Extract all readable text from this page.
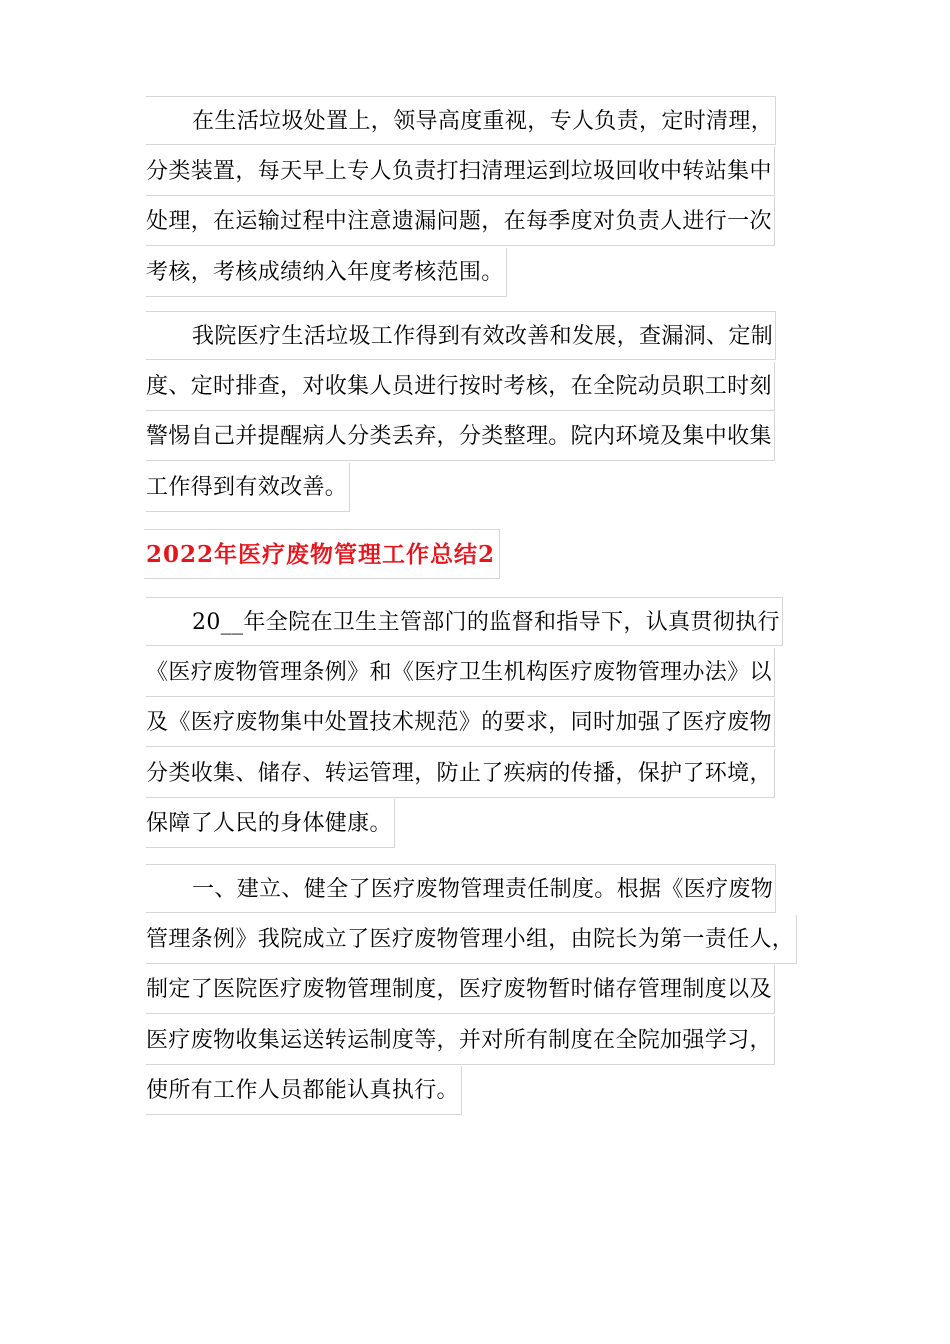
在生活垃圾处置上，领导高度重视，专人负责，定时清理，
分类装置，每天早上专人负责打扫清理运到垃圾回收中转站集中
处理，在运输过程中注意遗漏问题，在每季度对负责人进行一次
考核，考核成绩纳入年度考核范围。
我院医疗生活垃圾工作得到有效改善和发展，查漏洞、定制
度、定时排查，对收集人员进行按时考核，在全院动员职工时刻
警惕自己并提醒病人分类丢弃，分类整理。院内环境及集中收集
工作得到有效改善。
2022年医疗废物管理工作总结2
20__年全院在卫生主管部门的监督和指导下，认真贯彻执行
《医疗废物管理条例》和《医疗卫生机构医疗废物管理办法》以
及《医疗废物集中处置技术规范》的要求，同时加强了医疗废物
分类收集、储存、转运管理，防止了疾病的传播，保护了环境，
保障了人民的身体健康。
一、建立、健全了医疗废物管理责任制度。根据《医疗废物
管理条例》我院成立了医疗废物管理小组，由院长为第一责任人，
制定了医院医疗废物管理制度，医疗废物暂时储存管理制度以及
医疗废物收集运送转运制度等，并对所有制度在全院加强学习，
使所有工作人员都能认真执行。
